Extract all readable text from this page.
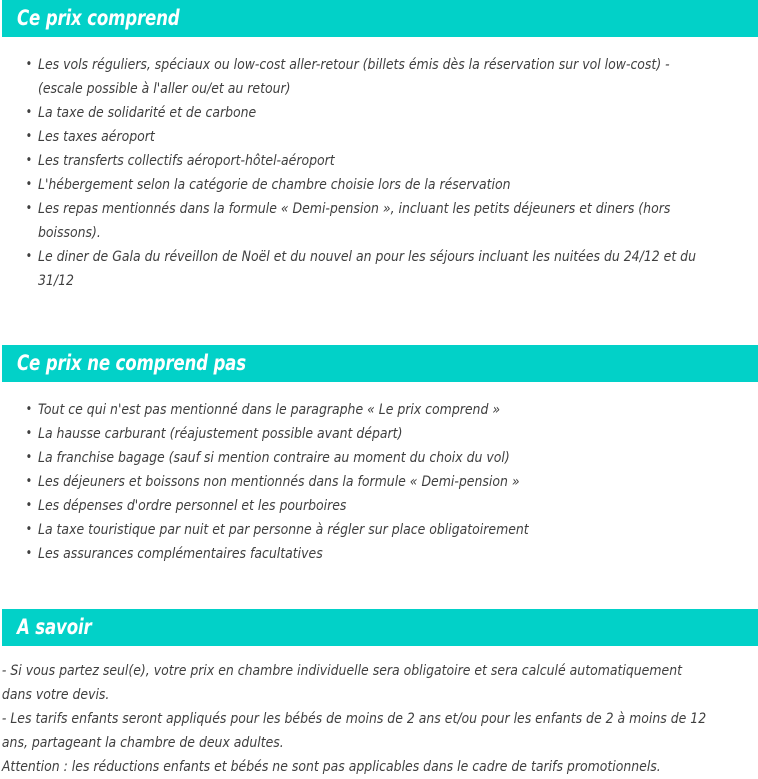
Ce prix comprend
• Les vols réguliers, spéciaux ou low-cost aller-retour (billets émis dès la réservation sur vol low-cost) - (escale possible à l'aller ou/et au retour)
• La taxe de solidarité et de carbone
• Les taxes aéroport
• Les transferts collectifs aéroport-hôtel-aéroport
• L'hébergement selon la catégorie de chambre choisie lors de la réservation
• Les repas mentionnés dans la formule « Demi-pension », incluant les petits déjeuners et diners (hors boissons).
• Le diner de Gala du réveillon de Noël et du nouvel an pour les séjours incluant les nuitées du 24/12 et du 31/12
Ce prix ne comprend pas
• Tout ce qui n'est pas mentionné dans le paragraphe « Le prix comprend »
• La hausse carburant (réajustement possible avant départ)
• La franchise bagage (sauf si mention contraire au moment du choix du vol)
• Les déjeuners et boissons non mentionnés dans la formule « Demi-pension »
• Les dépenses d'ordre personnel et les pourboires
• La taxe touristique par nuit et par personne à régler sur place obligatoirement
• Les assurances complémentaires facultatives
A savoir

- Si vous partez seul(e), votre prix en chambre individuelle sera obligatoire et sera calculé automatiquement dans votre devis.

- Les tarifs enfants seront appliqués pour les bébés de moins de 2 ans et/ou pour les enfants de 2 à moins de 12 ans, partageant la chambre de deux adultes.

Attention : les réductions enfants et bébés ne sont pas applicables dans le cadre de tarifs promotionnels.
